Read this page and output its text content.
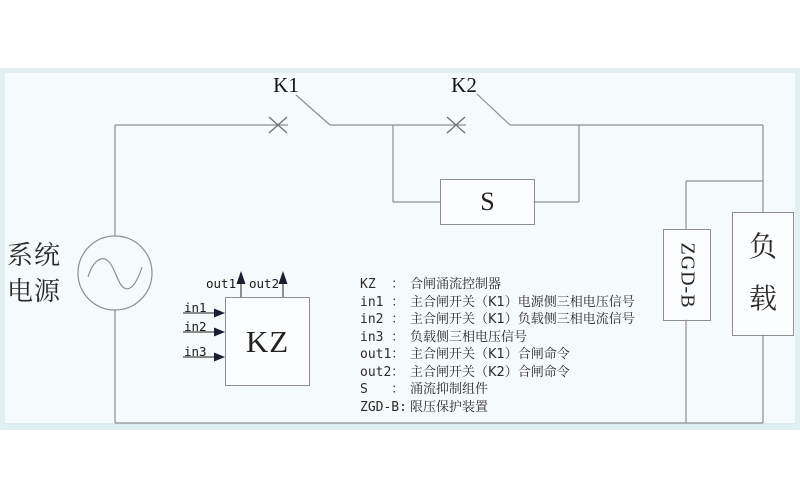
K1	K2
系统
电源
S
KZ
ZGD-B 负
载
in1
in2
in3
out1 out2	KZ  ： 合闸涌流控制器
in1 ： 主合闸开关（K1）电源侧三相电压信号
in2 ： 主合闸开关（K1）负载侧三相电流信号
in3 ： 负载侧三相电压信号
out1： 主合闸开关（K1）合闸命令
out2： 主合闸开关（K2）合闸命令
S   ： 涌流抑制组件
ZGD-B: 限压保护装置
